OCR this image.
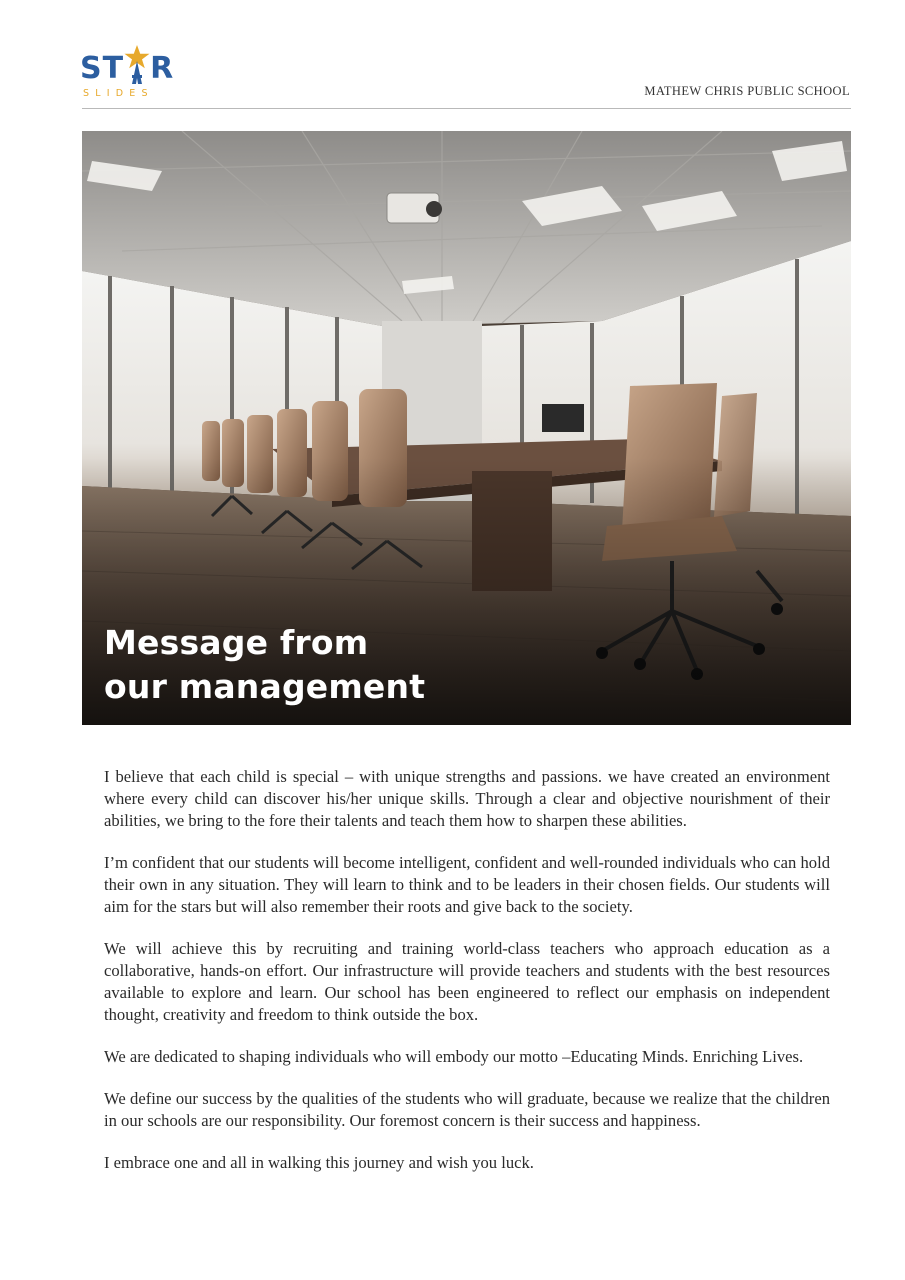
ST R
SLIDES	MATHEW CHRIS PUBLIC SCHOOL
Message from
our management

I believe that each child is special – with unique strengths and passions. we have created an environment where every child can discover his/her unique skills. Through a clear and objective nourishment of their abilities, we bring to the fore their talents and teach them how to sharpen these abilities.

I’m confident that our students will become intelligent, confident and well-rounded individuals who can hold their own in any situation. They will learn to think and to be leaders in their chosen fields. Our students will aim for the stars but will also remember their roots and give back to the society.

We will achieve this by recruiting and training world-class teachers who approach education as a collaborative, hands-on effort. Our infrastructure will provide teachers and students with the best resources available to explore and learn. Our school has been engineered to reflect our emphasis on independent thought, creativity and freedom to think outside the box.

We are dedicated to shaping individuals who will embody our motto –Educating Minds. Enriching Lives.

We define our success by the qualities of the students who will graduate, because we realize that the children in our schools are our responsibility. Our foremost concern is their success and happiness.

I embrace one and all in walking this journey and wish you luck.
